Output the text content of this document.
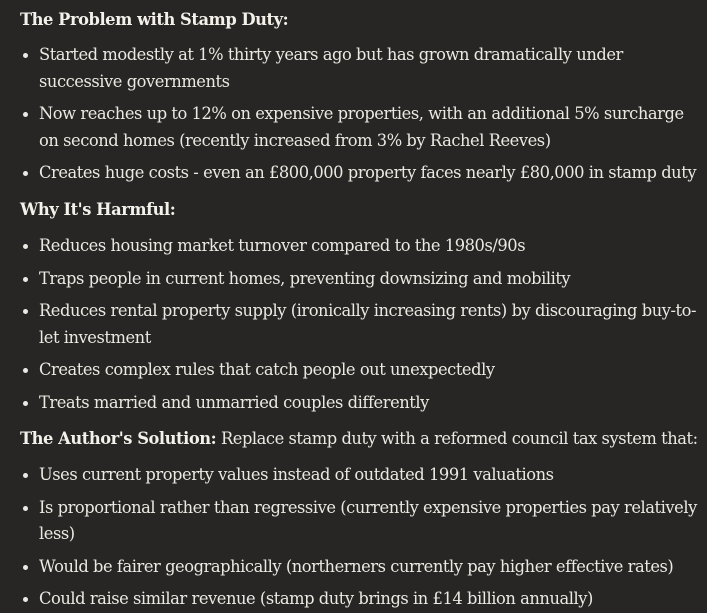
The Problem with Stamp Duty:

Started modestly at 1% thirty years ago but has grown dramatically under successive governments
Now reaches up to 12% on expensive properties, with an additional 5% surcharge on second homes (recently increased from 3% by Rachel Reeves)
Creates huge costs - even an £800,000 property faces nearly £80,000 in stamp duty

Why It's Harmful:

Reduces housing market turnover compared to the 1980s/90s
Traps people in current homes, preventing downsizing and mobility
Reduces rental property supply (ironically increasing rents) by discouraging buy-to-let investment
Creates complex rules that catch people out unexpectedly
Treats married and unmarried couples differently

The Author's Solution: Replace stamp duty with a reformed council tax system that:

Uses current property values instead of outdated 1991 valuations
Is proportional rather than regressive (currently expensive properties pay relatively less)
Would be fairer geographically (northerners currently pay higher effective rates)
Could raise similar revenue (stamp duty brings in £14 billion annually)
